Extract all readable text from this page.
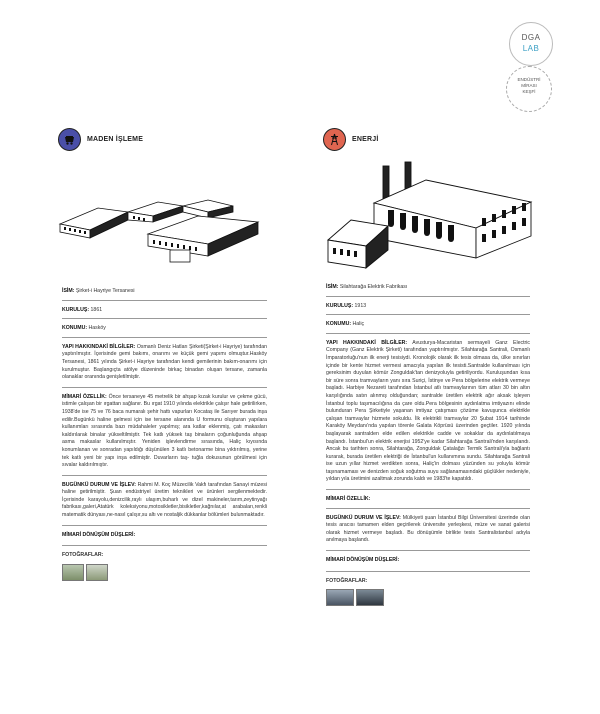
DGA
LAB
ENDÜSTRİ
MİRASI
KEŞFİ
MADEN İŞLEME	ENERJİ
İSİM: Şirket-i Hayriye Tersanesi
KURULUŞ: 1861
KONUMU: Hasköy
YAPI HAKKINDAKİ BİLGİLER: Osmanlı Deniz Hatları Şirketi(Şirket-i Hayriye) tarafından yaptırılmıştır. İçerisinde gemi bakımı, onarımı ve küçük gemi yapımı olmuştur.Hasköy Tersanesi, 1861 yılında Şirket-i Hayriye tarafından kendi gemilerinin bakım-onarımı için kurulmuştur. Başlangıçta atölye düzeninde birkaç binadan oluşan tersane, zamanla olanaklar oranında genişletilmiştir.
MİMARİ ÖZELLİK: Önce tersaneye 45 metrelik bir ahşap kızak kurulur ve çekme gücü, istimle çalışan bir ırgattan sağlanır. Bu ırgat 1910 yılında elektrikle çalışır hale getirilirken, 1938'de ise 75 ve 76 baca numaralı şehir hattı vapurları Kocataş ile Sarıyer burada inşa edilir.Bugünkü haline gelmesi için ise tersane alanında U formunu oluşturan yapılara kullanımları sırasında bazı müdahaleler yapılmış; ara katlar eklenmiş, çatı makasları kaldırılarak binalar yükseltilmiştir. Tek katlı yüksek taş binaların çoğunluğunda ahşap asma makaslar kullanılmıştır. Yeniden işlevlendirme sırasında, Haliç kıyısında konumlanan ve sonradan yapıldığı düşünülen 3 katlı betonarme bina yıktırılmış, yerine tek katlı yeni bir yapı inşa edilmiştir. Duvarların taş- tuğla dokusunun görülmesi için sıvalar kaldırılmıştır.
BUGÜNKÜ DURUM VE İŞLEV: Rahmi M. Koç Müzecilik Vakfı tarafından Sanayi müzesi haline getirilmiştir. Şuan endüstriyel üretim teknikleri ve ürünleri sergilenmektedir. İçerisinde karayolu,denizcilik,raylı ulaşım,buharlı ve dizel makineler,tarım,zeytinyağı fabrikası,galeri,Atatürk koleksiyonu,motosikletler,bisikletler,kağnılar,at arabaları,renkli matematik dünyası,ne-nasıl çalışır,su altı ve nostaljik dükkanlar bölümleri bulunmaktadır.
MİMARİ DÖNÜŞÜM DÜŞLERİ:
FOTOĞRAFLAR:
İSİM: Silahtarağa Elektrik Fabrikası
KURULUŞ: 1913
KONUMU: Haliç
YAPI HAKKINDAKİ BİLGİLER: Avusturya-Macaristan sermayeli Ganz Electric Company (Ganz Elektrik Şirketi) tarafından yaptırılmıştır. Silahtarağa Santrali, Osmanlı İmparatorluğu'nun ilk enerji tesisiydi. Kronolojik olarak ilk tesis olmasa da, ülke sınırları içinde bir kente hizmet vermesi amacıyla yapılan ilk tesisti.Santralde kullanılması için gereksinim duyulan kömür Zonguldak'tan denizyoluyla getiriliyordu. Kuruluşundan kısa bir süre sonra tramvayların yanı sıra Suriçi, İstinye ve Pera bölgelerine elektrik vermeye başladı. Harbiye Nezareti tarafından İstanbul atlı tramvaylarının tüm atları 30 bin altın karşılığında satın alınmış olduğundan; santralde üretilen elektrik ağır aksak işleyen İstanbul toplu taşımacılığına da çare oldu.Pera bölgesinin aydınlatma imtiyazını elinde bulunduran Pera Şirketiyle yaşanan imtiyaz çatışması çözüme kavuşunca elektrikle çalışan tramvaylar hizmete sokuldu. İlk elektrikli tramvaylar 20 Şubat 1914 tarihinde Karaköy Meydanı'nda yapılan törenle Galata Köprüsü üzerinden geçtiler. 1920 yılında başlayarak santralden elde edilen elektrikle cadde ve sokaklar da aydınlatılmaya başlandı. İstanbul'un elektrik enerjisi 1952'ye kadar Silahtarağa Santrali'nden karşılandı. Ancak bu tarihten sonra, Silahtarağa, Zonguldak Çatalağzı Termik Santrali'yla bağlantı kurarak, burada üretilen elektriği de İstanbul'un kullanımına sundu. Silahtarağa Santrali ise uzun yıllar hizmet verdikten sonra, Haliç'in dolması yüzünden su yoluyla kömür taşınamaması ve denizden soğuk soğutma suyu sağlanamasındaki güçlükler nedeniyle, yıldan yıla üretimini azaltmak zorunda kaldı ve 1983'te kapatıldı.
MİMARİ ÖZELLİK:
BUGÜNKÜ DURUM VE İŞLEV: Mülkiyeti şuan İstanbul Bilgi Üniversitesi üzerinde olan tesis aracısı tamamen elden geçirilerek üniversite yerleşkesi, müze ve sanat galerisi olarak hizmet vermeye başladı. Bu dönüşümle birlikte tesis Santralistanbul adıyla anılmaya başlandı.
MİMARİ DÖNÜŞÜM DÜŞLERİ:
FOTOĞRAFLAR:
